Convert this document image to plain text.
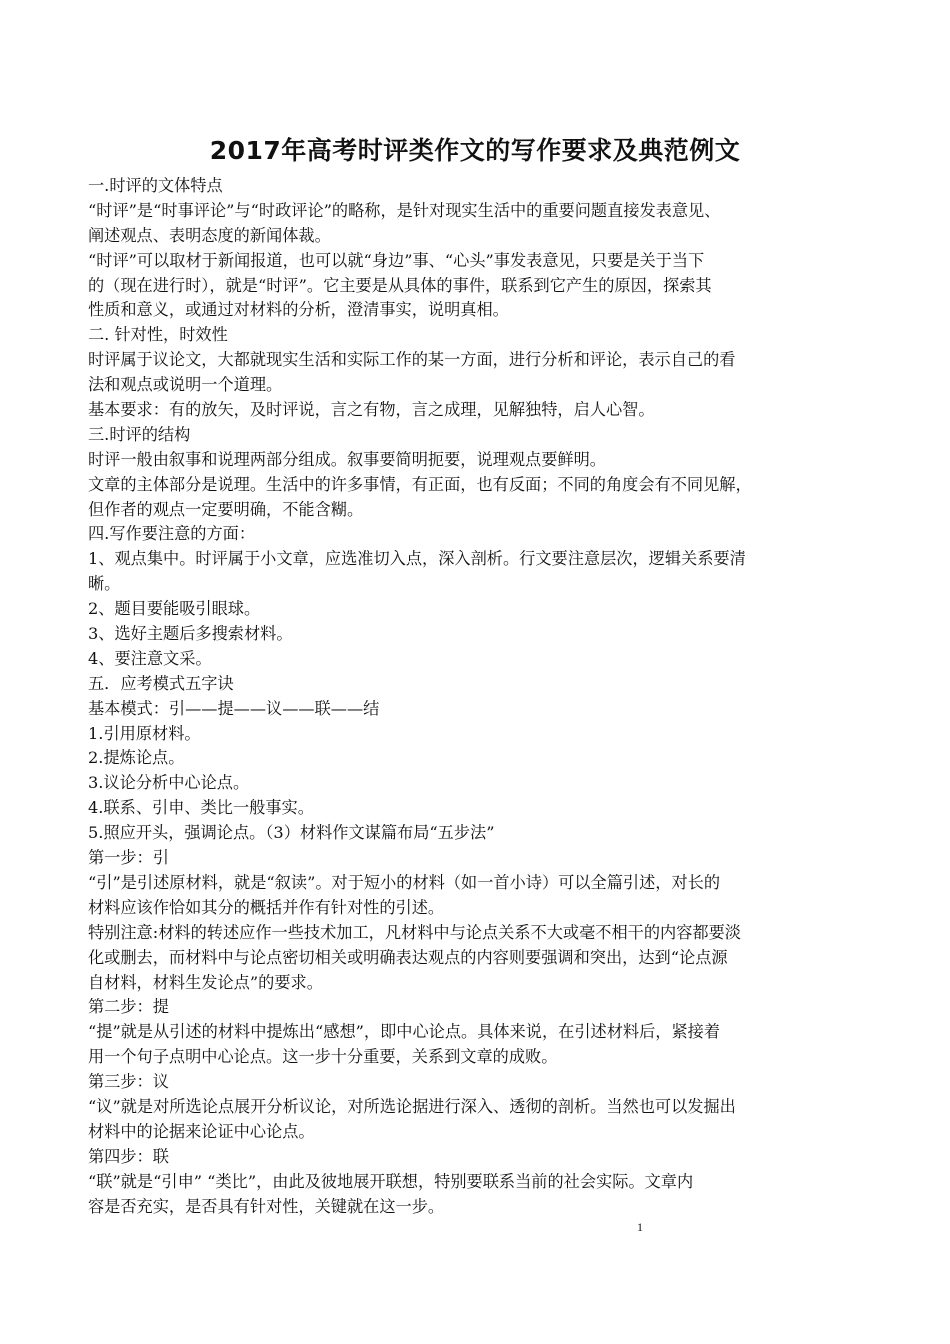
2017年高考时评类作文的写作要求及典范例文
一.时评的文体特点
“时评”是“时事评论”与“时政评论”的略称，是针对现实生活中的重要问题直接发表意见、
阐述观点、表明态度的新闻体裁。
“时评”可以取材于新闻报道，也可以就“身边”事、“心头”事发表意见，只要是关于当下
的（现在进行时），就是“时评”。它主要是从具体的事件，联系到它产生的原因，探索其
性质和意义，或通过对材料的分析，澄清事实，说明真相。
二. 针对性，时效性
时评属于议论文，大都就现实生活和实际工作的某一方面，进行分析和评论，表示自己的看
法和观点或说明一个道理。
基本要求：有的放矢，及时评说，言之有物，言之成理，见解独特，启人心智。
三.时评的结构
时评一般由叙事和说理两部分组成。叙事要简明扼要，说理观点要鲜明。
文章的主体部分是说理。生活中的许多事情，有正面，也有反面；不同的角度会有不同见解，
但作者的观点一定要明确，不能含糊。
四.写作要注意的方面：
1、观点集中。时评属于小文章，应选准切入点，深入剖析。行文要注意层次，逻辑关系要清
晰。
2、题目要能吸引眼球。
3、选好主题后多搜索材料。
4、要注意文采。
五．应考模式五字诀
基本模式：引——提——议——联——结
1.引用原材料。
2.提炼论点。
3.议论分析中心论点。
4.联系、引申、类比一般事实。
5.照应开头，强调论点。（3）材料作文谋篇布局“五步法”
第一步：引
“引”是引述原材料，就是“叙读”。对于短小的材料（如一首小诗）可以全篇引述，对长的
材料应该作恰如其分的概括并作有针对性的引述。
特别注意:材料的转述应作一些技术加工，凡材料中与论点关系不大或毫不相干的内容都要淡
化或删去，而材料中与论点密切相关或明确表达观点的内容则要强调和突出，达到“论点源
自材料，材料生发论点”的要求。
第二步：提
“提”就是从引述的材料中提炼出“感想”，即中心论点。具体来说，在引述材料后，紧接着
用一个句子点明中心论点。这一步十分重要，关系到文章的成败。
第三步：议
“议”就是对所选论点展开分析议论，对所选论据进行深入、透彻的剖析。当然也可以发掘出
材料中的论据来论证中心论点。
第四步：联
“联”就是“引申” “类比”，由此及彼地展开联想，特别要联系当前的社会实际。文章内
容是否充实，是否具有针对性，关键就在这一步。
1
